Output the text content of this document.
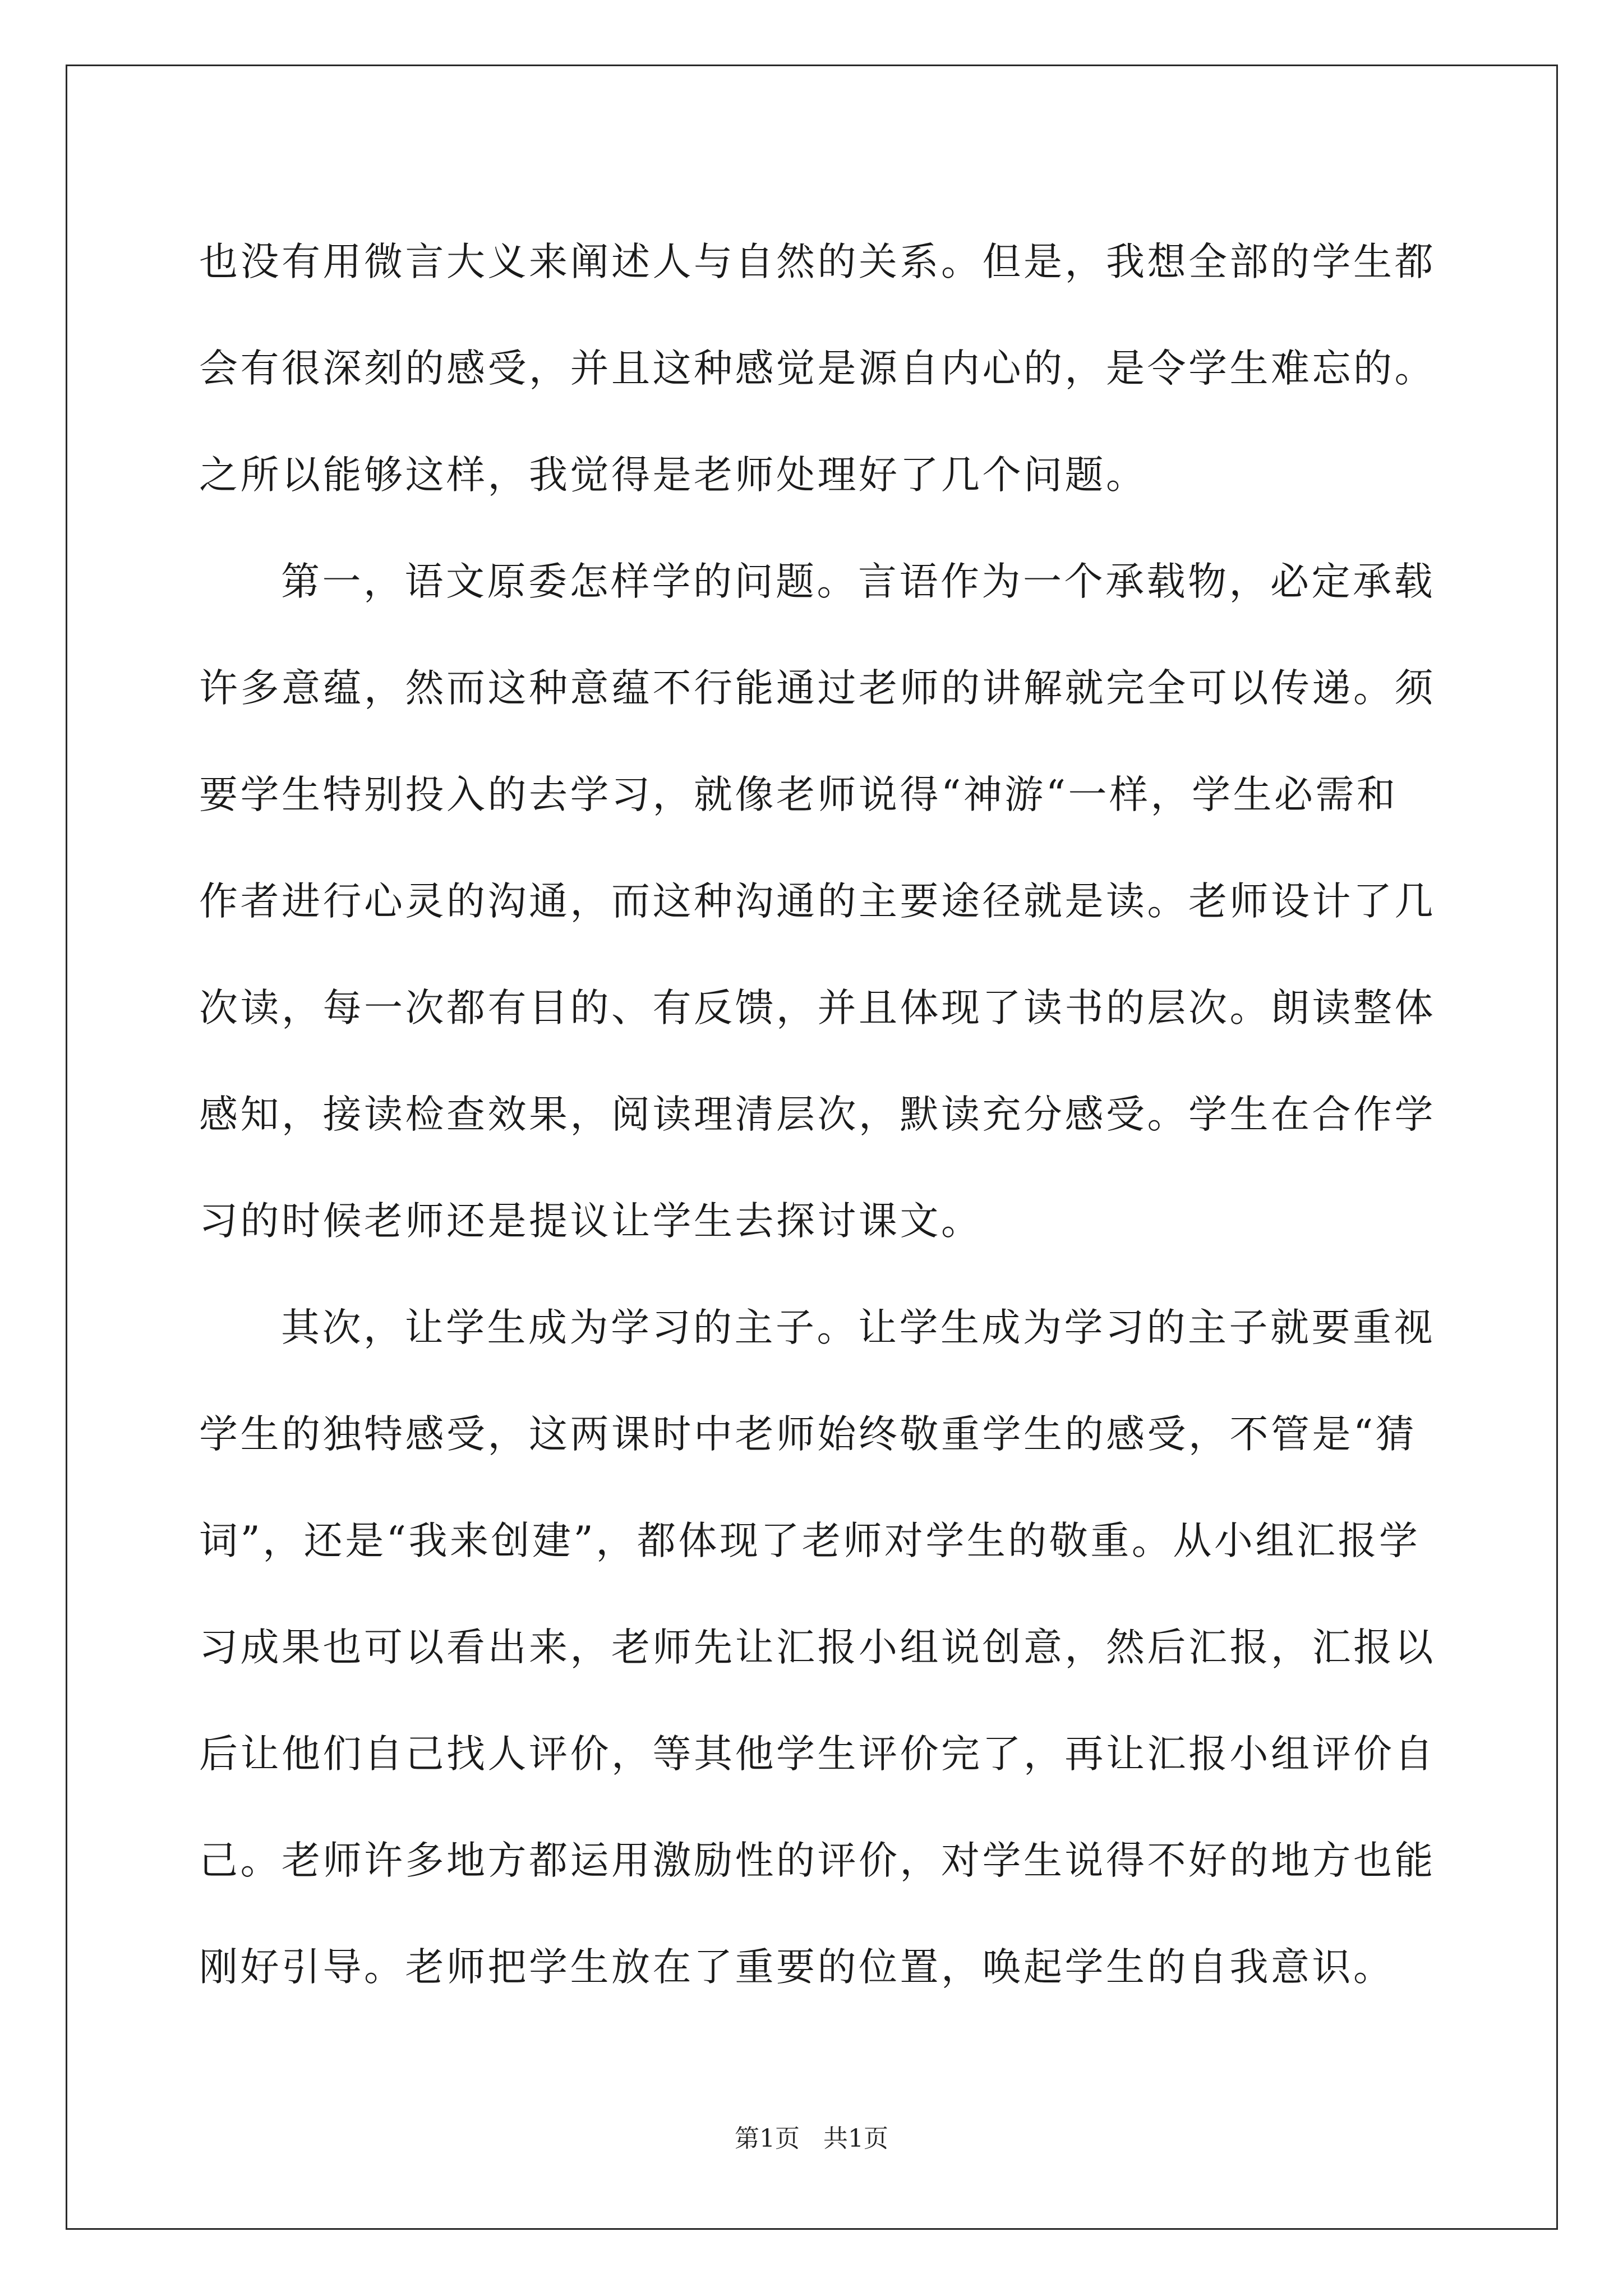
也没有用微言大义来阐述人与自然的关系。但是，我想全部的学生都
会有很深刻的感受，并且这种感觉是源自内心的，是令学生难忘的。
之所以能够这样，我觉得是老师处理好了几个问题。
第一，语文原委怎样学的问题。言语作为一个承载物，必定承载
许多意蕴，然而这种意蕴不行能通过老师的讲解就完全可以传递。须
要学生特别投入的去学习，就像老师说得“神游“一样，学生必需和
作者进行心灵的沟通，而这种沟通的主要途径就是读。老师设计了几
次读，每一次都有目的、有反馈，并且体现了读书的层次。朗读整体
感知，接读检查效果，阅读理清层次，默读充分感受。学生在合作学
习的时候老师还是提议让学生去探讨课文。
其次，让学生成为学习的主子。让学生成为学习的主子就要重视
学生的独特感受，这两课时中老师始终敬重学生的感受，不管是“猜
词”，还是“我来创建”，都体现了老师对学生的敬重。从小组汇报学
习成果也可以看出来，老师先让汇报小组说创意，然后汇报，汇报以
后让他们自己找人评价，等其他学生评价完了，再让汇报小组评价自
己。老师许多地方都运用激励性的评价，对学生说得不好的地方也能
刚好引导。老师把学生放在了重要的位置，唤起学生的自我意识。
第1页   共1页
